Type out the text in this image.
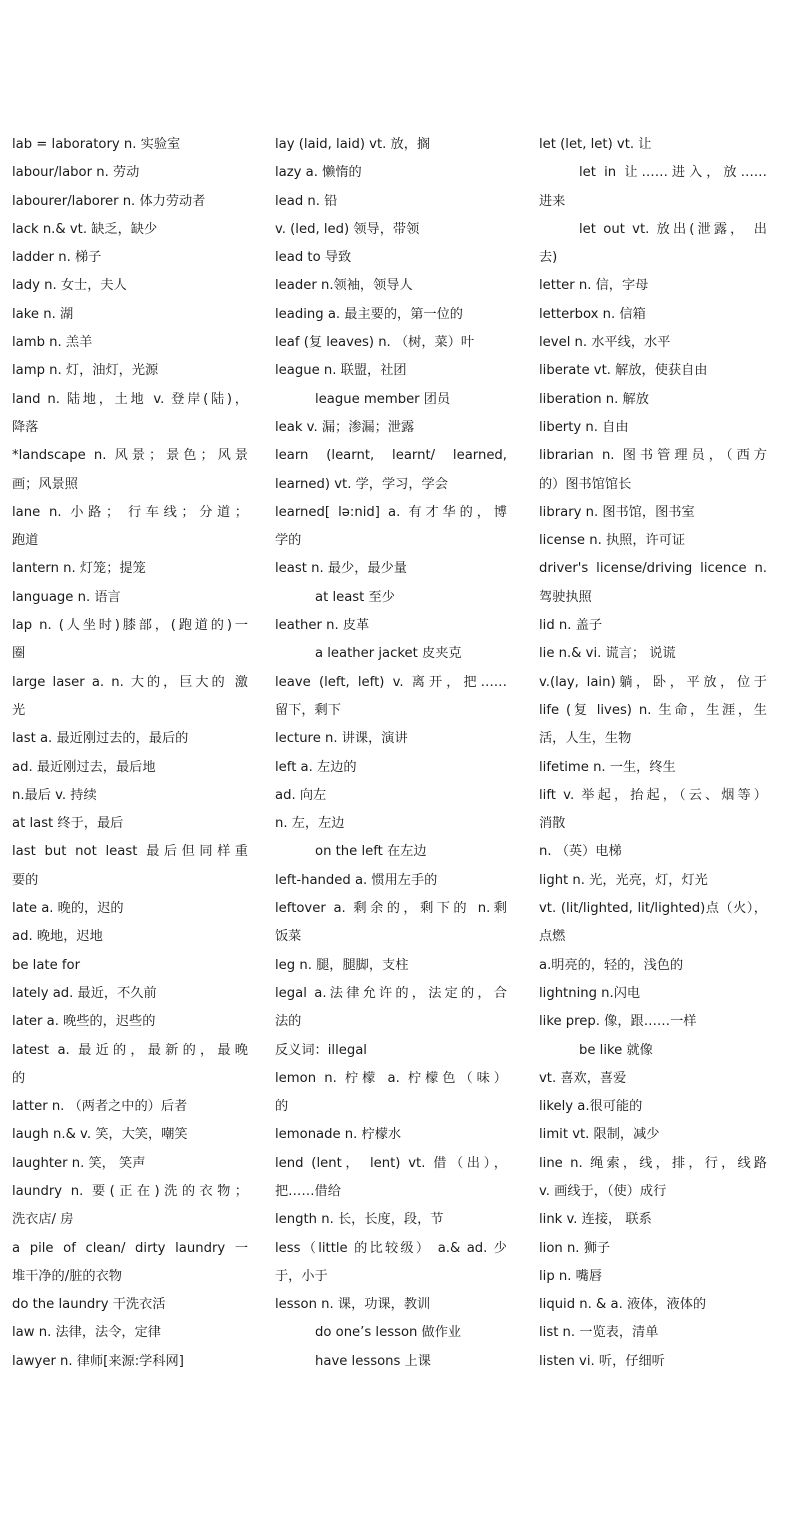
lab = laboratory n. 实验室
labour/labor n. 劳动
labourer/laborer n. 体力劳动者
lack n.& vt. 缺乏，缺少
ladder n. 梯子
lady n. 女士，夫人
lake n. 湖
lamb n. 羔羊
lamp n. 灯，油灯，光源
land n. 陆地，土地 v. 登岸(陆)，
降落
*landscape n. 风景；景色；风景
画；风景照
lane n. 小路； 行车线；分道；
跑道
lantern n. 灯笼；提笼
language n. 语言
lap n. (人坐时)膝部，(跑道的)一
圈
large laser a. n. 大的，巨大的 激
光
last a. 最近刚过去的，最后的
ad. 最近刚过去，最后地
n.最后 v. 持续
at last 终于，最后
last but not least 最后但同样重
要的
late a. 晚的，迟的
ad. 晚地，迟地
be late for
lately ad. 最近，不久前
later a. 晚些的，迟些的
latest a. 最近的，最新的，最晚
的
latter n. （两者之中的）后者
laugh n.& v. 笑，大笑，嘲笑
laughter n. 笑， 笑声
laundry n. 要(正在)洗的衣物；
洗衣店/ 房
a pile of clean/ dirty laundry 一
堆干净的/脏的衣物
do the laundry 干洗衣活
law n. 法律，法令，定律
lawyer n. 律师[来源:学科网]
lay (laid, laid) vt. 放，搁
lazy a. 懒惰的
lead n. 铅
v. (led, led) 领导，带领
lead to 导致
leader n.领袖，领导人
leading a. 最主要的，第一位的
leaf (复 leaves) n. （树，菜）叶
league n. 联盟，社团
league member 团员
leak v. 漏；渗漏；泄露
learn (learnt, learnt/ learned,
learned) vt. 学，学习，学会
learned[ lə:nid] a. 有才华的，博
学的
least n. 最少，最少量
at least 至少
leather n. 皮革
a leather jacket 皮夹克
leave (left, left) v. 离开，把……
留下，剩下
lecture n. 讲课，演讲
left a. 左边的
ad. 向左
n. 左，左边
on the left 在左边
left-handed a. 惯用左手的
leftover a. 剩余的，剩下的 n.剩
饭菜
leg n. 腿，腿脚，支柱
legal a.法律允许的，法定的，合
法的
反义词：illegal
lemon n. 柠檬 a. 柠檬色（味）
的
lemonade n. 柠檬水
lend (lent， lent) vt. 借（出），
把……借给
length n. 长，长度，段，节
less（little 的比较级） a.& ad. 少
于，小于
lesson n. 课，功课，教训
do one’s lesson 做作业
have lessons 上课
let (let, let) vt. 让
let in 让……进入，放……
进来
let out vt. 放出(泄露， 出
去)
letter n. 信，字母
letterbox n. 信箱
level n. 水平线，水平
liberate vt. 解放，使获自由
liberation n. 解放
liberty n. 自由
librarian n. 图书管理员，（西方
的）图书馆馆长
library n. 图书馆，图书室
license n. 执照，许可证
driver's license/driving licence n.
驾驶执照
lid n. 盖子
lie n.& vi. 谎言； 说谎
v.(lay, lain)躺，卧，平放，位于
life (复 lives) n. 生命，生涯，生
活，人生，生物
lifetime n. 一生，终生
lift v. 举起，抬起，（云、烟等）
消散
n. （英）电梯
light n. 光，光亮，灯，灯光
vt. (lit/lighted, lit/lighted)点（火），
点燃
a.明亮的，轻的，浅色的
lightning n.闪电
like prep. 像，跟……一样
be like 就像
vt. 喜欢，喜爱
likely a.很可能的
limit vt. 限制，减少
line n. 绳索，线，排，行，线路
v. 画线于，（使）成行
link v. 连接， 联系
lion n. 狮子
lip n. 嘴唇
liquid n. & a. 液体，液体的
list n. 一览表，清单
listen vi. 听，仔细听
